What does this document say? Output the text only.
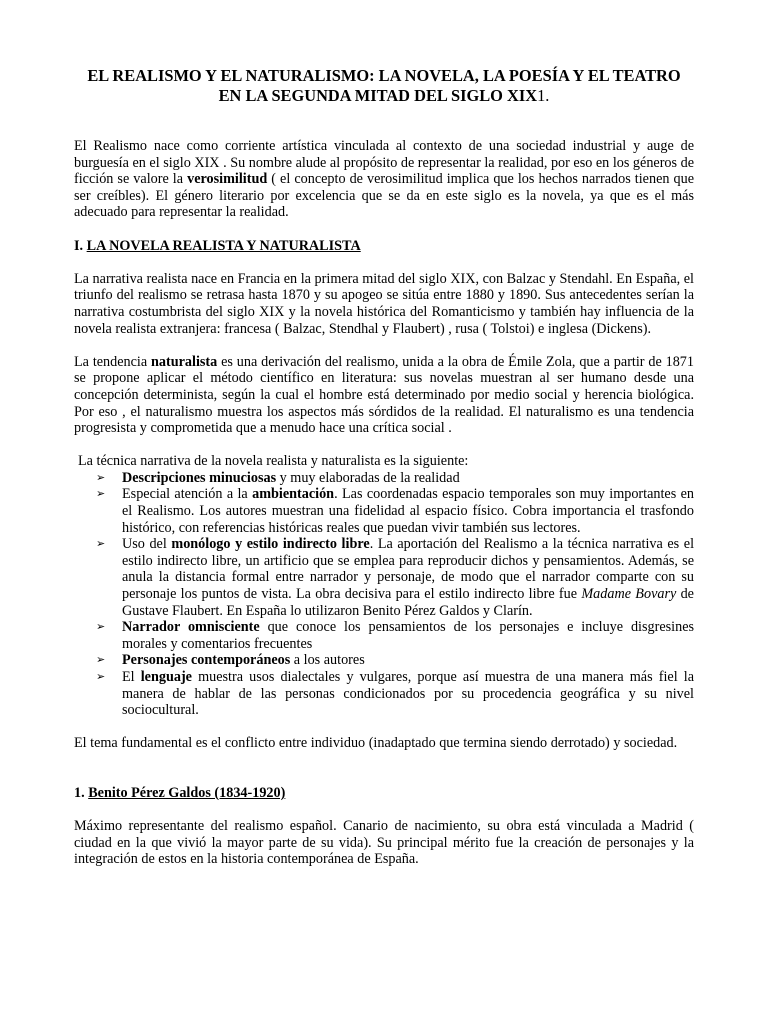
EL REALISMO Y EL NATURALISMO: LA NOVELA, LA POESÍA Y EL TEATRO EN LA SEGUNDA MITAD DEL SIGLO XIX1.

El Realismo nace como corriente artística vinculada al contexto de una sociedad industrial y auge de burguesía en el siglo XIX . Su nombre alude al propósito de representar la realidad, por eso en los géneros de ficción se valore la verosimilitud ( el concepto de verosimilitud implica que los hechos narrados tienen que ser creíbles). El género literario por excelencia que se da en este siglo es la novela, ya que es el más adecuado para representar la realidad.

I. LA NOVELA REALISTA Y NATURALISTA

La narrativa realista nace en Francia en la primera mitad del siglo XIX, con Balzac y Stendahl. En España, el triunfo del realismo se retrasa hasta 1870 y su apogeo se sitúa entre 1880 y 1890. Sus antecedentes serían la narrativa costumbrista del siglo XIX y la novela histórica del Romanticismo y también hay influencia de la novela realista extranjera: francesa ( Balzac, Stendhal y Flaubert) , rusa ( Tolstoi) e inglesa (Dickens).

La tendencia naturalista es una derivación del realismo, unida a la obra de Émile Zola, que a partir de 1871 se propone aplicar el método científico en literatura: sus novelas muestran al ser humano desde una concepción determinista, según la cual el hombre está determinado por medio social y herencia biológica. Por eso , el naturalismo muestra los aspectos más sórdidos de la realidad. El naturalismo es una tendencia progresista y comprometida que a menudo hace una crítica social .

La técnica narrativa de la novela realista y naturalista es la siguiente:

➢ Descripciones minuciosas y muy elaboradas de la realidad
➢ Especial atención a la ambientación. Las coordenadas espacio temporales son muy importantes en el Realismo. Los autores muestran una fidelidad al espacio físico. Cobra importancia el trasfondo histórico, con referencias históricas reales que puedan vivir también sus lectores.
➢ Uso del monólogo y estilo indirecto libre. La aportación del Realismo a la técnica narrativa es el estilo indirecto libre, un artificio que se emplea para reproducir dichos y pensamientos. Además, se anula la distancia formal entre narrador y personaje, de modo que el narrador comparte con su personaje los puntos de vista. La obra decisiva para el estilo indirecto libre fue Madame Bovary de Gustave Flaubert. En España lo utilizaron Benito Pérez Galdos y Clarín.
➢ Narrador omnisciente que conoce los pensamientos de los personajes e incluye disgresines morales y comentarios frecuentes
➢ Personajes contemporáneos a los autores
➢ El lenguaje muestra usos dialectales y vulgares, porque así muestra de una manera más fiel la manera de hablar de las personas condicionados por su procedencia geográfica y su nivel sociocultural.

El tema fundamental es el conflicto entre individuo (inadaptado que termina siendo derrotado) y sociedad.

1. Benito Pérez Galdos (1834-1920)

Máximo representante del realismo español. Canario de nacimiento, su obra está vinculada a Madrid ( ciudad en la que vivió la mayor parte de su vida). Su principal mérito fue la creación de personajes y la integración de estos en la historia contemporánea de España.
